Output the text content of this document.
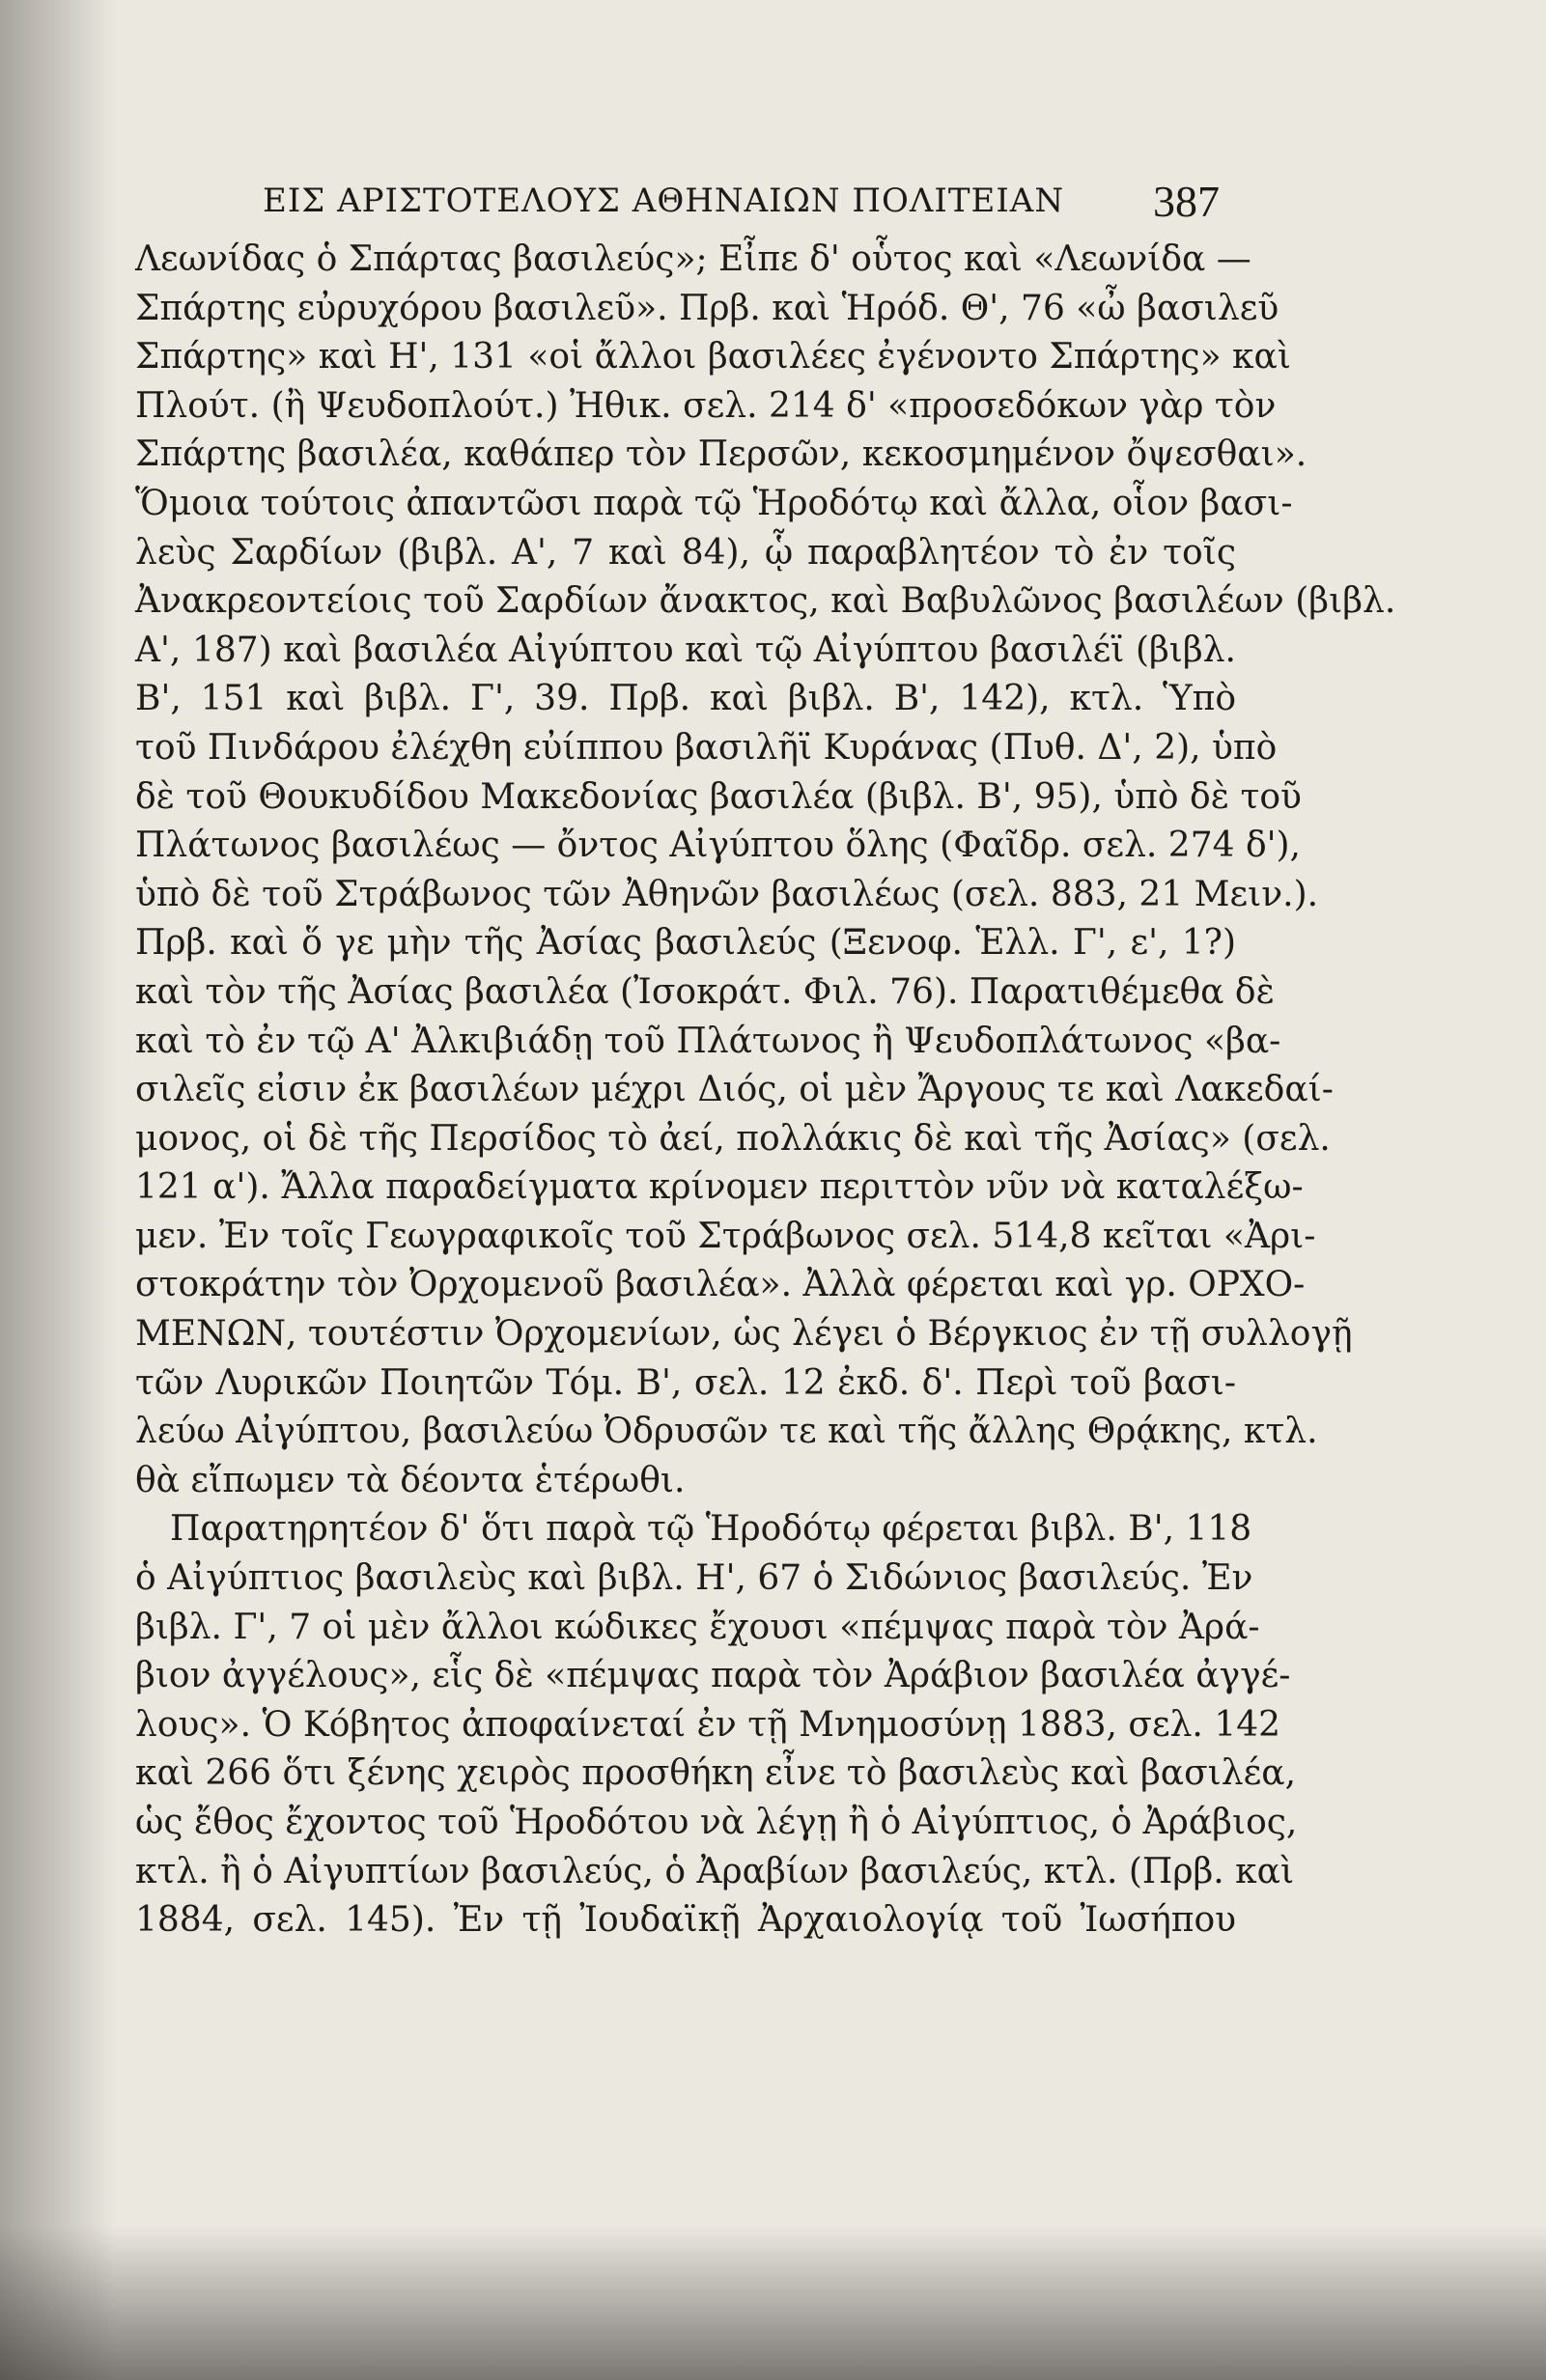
ΕΙΣ ΑΡΙΣΤΟΤΕΛΟΥΣ ΑΘΗΝΑΙΩΝ ΠΟΛΙΤΕΙΑΝ 387
Λεωνίδας ὁ Σπάρτας βασιλεύς»; Εἶπε δ' οὗτος καὶ «Λεωνίδα —
Σπάρτης εὐρυχόρου βασιλεῦ». Πρβ. καὶ Ἡρόδ. Θ', 76 «ὦ βασιλεῦ
Σπάρτης» καὶ Η', 131 «οἱ ἄλλοι βασιλέες ἐγένοντο Σπάρτης» καὶ
Πλούτ. (ἢ Ψευδοπλούτ.) Ἠθικ. σελ. 214 δ' «προσεδόκων γὰρ τὸν
Σπάρτης βασιλέα, καθάπερ τὸν Περσῶν, κεκοσμημένον ὄψεσθαι».
Ὅμοια τούτοις ἀπαντῶσι παρὰ τῷ Ἡροδότῳ καὶ ἄλλα, οἷον βασι-
λεὺς Σαρδίων (βιβλ. Α', 7 καὶ 84), ᾧ παραβλητέον τὸ ἐν τοῖς
Ἀνακρεοντείοις τοῦ Σαρδίων ἄνακτος, καὶ Βαβυλῶνος βασιλέων (βιβλ.
Α', 187) καὶ βασιλέα Αἰγύπτου καὶ τῷ Αἰγύπτου βασιλέϊ (βιβλ.
Β', 151 καὶ βιβλ. Γ', 39. Πρβ. καὶ βιβλ. Β', 142), κτλ. Ὑπὸ
τοῦ Πινδάρου ἐλέχθη εὐίππου βασιλῆϊ Κυράνας (Πυθ. Δ', 2), ὑπὸ
δὲ τοῦ Θουκυδίδου Μακεδονίας βασιλέα (βιβλ. Β', 95), ὑπὸ δὲ τοῦ
Πλάτωνος βασιλέως — ὄντος Αἰγύπτου ὅλης (Φαῖδρ. σελ. 274 δ'),
ὑπὸ δὲ τοῦ Στράβωνος τῶν Ἀθηνῶν βασιλέως (σελ. 883, 21 Μειν.).
Πρβ. καὶ ὅ γε μὴν τῆς Ἀσίας βασιλεύς (Ξενοφ. Ἑλλ. Γ', ε', 1?)
καὶ τὸν τῆς Ἀσίας βασιλέα (Ἰσοκράτ. Φιλ. 76). Παρατιθέμεθα δὲ
καὶ τὸ ἐν τῷ Α' Ἀλκιβιάδῃ τοῦ Πλάτωνος ἢ Ψευδοπλάτωνος «βα-
σιλεῖς εἰσιν ἐκ βασιλέων μέχρι Διός, οἱ μὲν Ἄργους τε καὶ Λακεδαί-
μονος, οἱ δὲ τῆς Περσίδος τὸ ἀεί, πολλάκις δὲ καὶ τῆς Ἀσίας» (σελ.
121 α'). Ἄλλα παραδείγματα κρίνομεν περιττὸν νῦν νὰ καταλέξω-
μεν. Ἐν τοῖς Γεωγραφικοῖς τοῦ Στράβωνος σελ. 514,8 κεῖται «Ἀρι-
στοκράτην τὸν Ὀρχομενοῦ βασιλέα». Ἀλλὰ φέρεται καὶ γρ. ΟΡΧΟ-
ΜΕΝΩΝ, τουτέστιν Ὀρχομενίων, ὡς λέγει ὁ Βέργκιος ἐν τῇ συλλογῇ
τῶν Λυρικῶν Ποιητῶν Τόμ. Β', σελ. 12 ἐκδ. δ'. Περὶ τοῦ βασι-
λεύω Αἰγύπτου, βασιλεύω Ὀδρυσῶν τε καὶ τῆς ἄλλης Θρᾴκης, κτλ.
θὰ εἴπωμεν τὰ δέοντα ἑτέρωθι.
Παρατηρητέον δ' ὅτι παρὰ τῷ Ἡροδότῳ φέρεται βιβλ. Β', 118
ὁ Αἰγύπτιος βασιλεὺς καὶ βιβλ. Η', 67 ὁ Σιδώνιος βασιλεύς. Ἐν
βιβλ. Γ', 7 οἱ μὲν ἄλλοι κώδικες ἔχουσι «πέμψας παρὰ τὸν Ἀρά-
βιον ἀγγέλους», εἷς δὲ «πέμψας παρὰ τὸν Ἀράβιον βασιλέα ἀγγέ-
λους». Ὁ Κόβητος ἀποφαίνεταί ἐν τῇ Μνημοσύνῃ 1883, σελ. 142
καὶ 266 ὅτι ξένης χειρὸς προσθήκη εἶνε τὸ βασιλεὺς καὶ βασιλέα,
ὡς ἔθος ἔχοντος τοῦ Ἡροδότου νὰ λέγῃ ἢ ὁ Αἰγύπτιος, ὁ Ἀράβιος,
κτλ. ἢ ὁ Αἰγυπτίων βασιλεύς, ὁ Ἀραβίων βασιλεύς, κτλ. (Πρβ. καὶ
1884, σελ. 145). Ἐν τῇ Ἰουδαϊκῇ Ἀρχαιολογίᾳ τοῦ Ἰωσήπου
